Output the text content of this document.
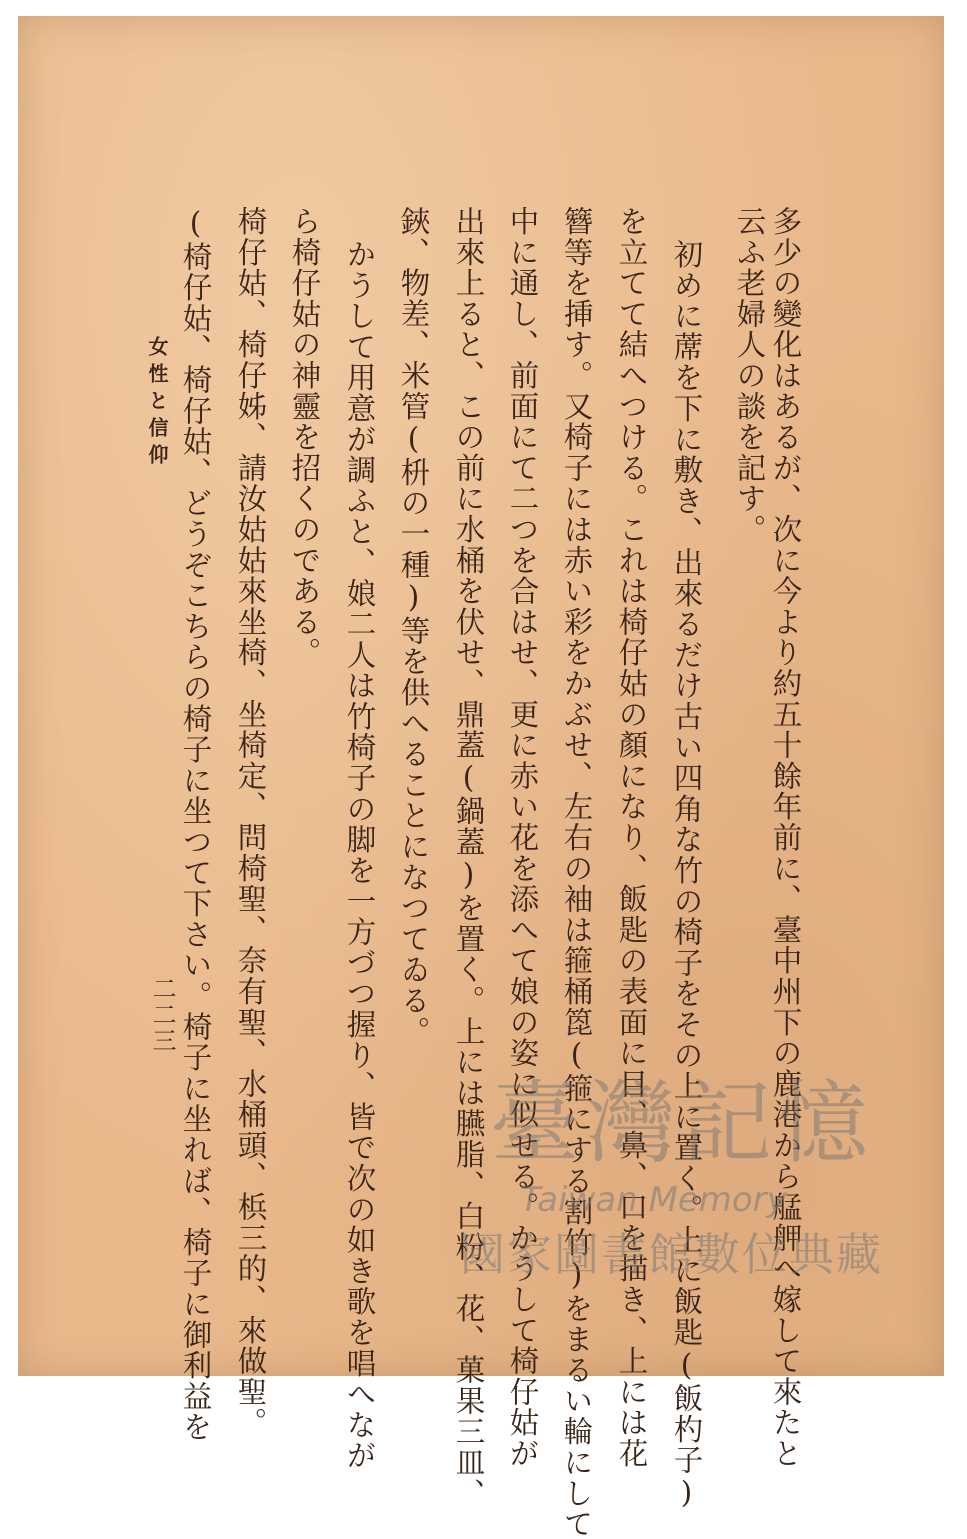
多少の變化はあるが、次に今より約五十餘年前に、臺中州下の鹿港から艋舺へ嫁して來たと
云ふ老婦人の談を記す。
初めに蓆を下に敷き、出來るだけ古い四角な竹の椅子をその上に置く。上に飯匙(飯杓子)
を立てて結へつける。これは椅仔姑の顏になり、飯匙の表面に目、鼻、口を描き、上には花
簪等を挿す。又椅子には赤い彩をかぶせ、左右の袖は箍桶箆(箍にする割竹)をまるい輪にして
中に通し、前面にて二つを合はせ、更に赤い花を添へて娘の姿に似せる。かうして椅仔姑が
出來上ると、この前に水桶を伏せ、鼎蓋(鍋蓋)を置く。上には臙脂、白粉、花、菓果三皿、
鋏、物差、米管(枡の一種)等を供へることになつてゐる。
かうして用意が調ふと、娘二人は竹椅子の脚を一方づつ握り、皆で次の如き歌を唱へなが
ら椅仔姑の神靈を招くのである。
椅仔姑、椅仔姊、請汝姑姑來坐椅、坐椅定、問椅聖、奈有聖、水桶頭、梹三的、來做聖。
(椅仔姑、椅仔姑、どうぞこちらの椅子に坐つて下さい。椅子に坐れば、椅子に御利益を
女性と信仰
二二三
臺灣記憶
Taiwan Memory
國家圖書館數位典藏
